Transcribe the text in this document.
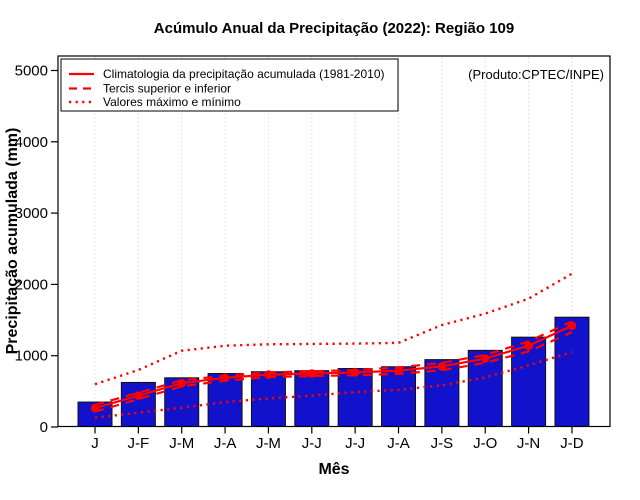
Acúmulo Anual da Precipitação (2022): Região 109
0
1000
2000
3000
4000
5000
J J-F J-M J-A J-M J-J J-J J-A J-S J-O J-N J-D
Climatologia da precipitação acumulada (1981-2010)
Tercis superior e inferior
Valores máximo e mínimo
(Produto:CPTEC/INPE)
Mês
Precipitação acumulada (mm)
